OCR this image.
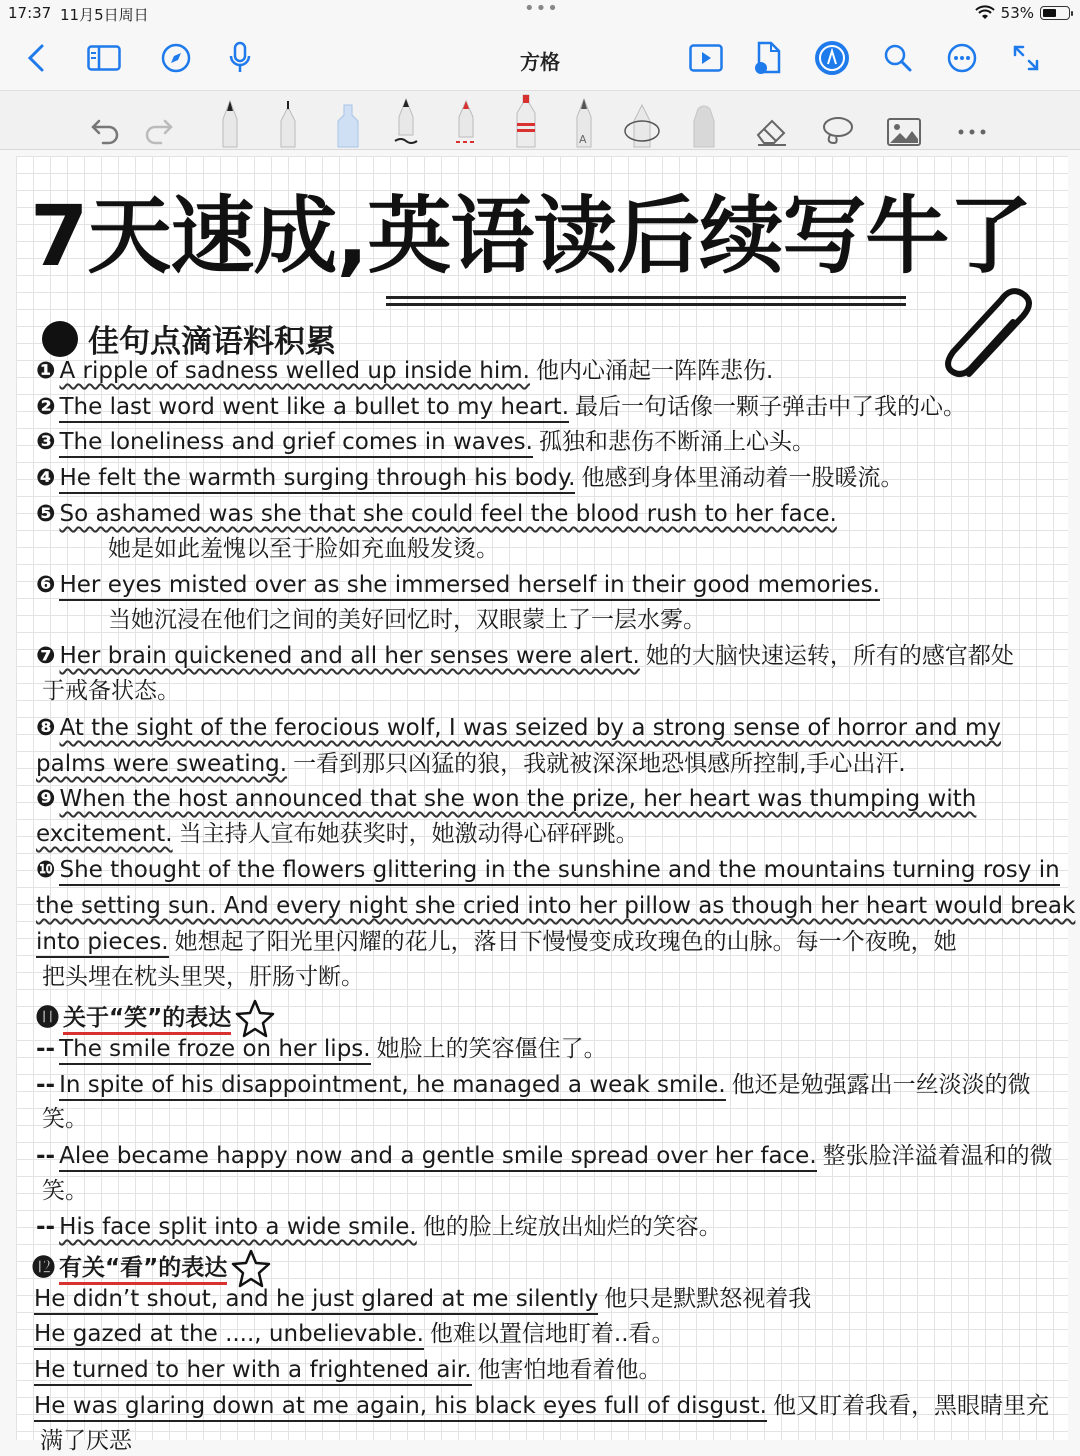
17:37 11月5日周日	•••	53%
方格
A
7天速成,英语读后续写牛了
佳句点滴语料积累
❶ A ripple of sadness welled up inside him. 他内心涌起一阵阵悲伤.
❷ The last word went like a bullet to my heart. 最后一句话像一颗子弹击中了我的心。
❸ The loneliness and grief comes in waves. 孤独和悲伤不断涌上心头。
❹ He felt the warmth surging through his body. 他感到身体里涌动着一股暖流。
❺ So ashamed was she that she could feel the blood rush to her face.
她是如此羞愧以至于脸如充血般发烫。
❻ Her eyes misted over as she immersed herself in their good memories.
当她沉浸在他们之间的美好回忆时，双眼蒙上了一层水雾。
❼ Her brain quickened and all her senses were alert. 她的大脑快速运转，所有的感官都处
于戒备状态。
❽ At the sight of the ferocious wolf, I was seized by a strong sense of horror and my
palms were sweating. 一看到那只凶猛的狼，我就被深深地恐惧感所控制,手心出汗.
❾ When the host announced that she won the prize, her heart was thumping with
excitement. 当主持人宣布她获奖时，她激动得心砰砰跳。
❿ She thought of the flowers glittering in the sunshine and the mountains turning rosy in
the setting sun. And every night she cried into her pillow as though her heart would break
into pieces. 她想起了阳光里闪耀的花儿，落日下慢慢变成玫瑰色的山脉。每一个夜晚，她
把头埋在枕头里哭，肝肠寸断。
⓫ 关于“笑”的表达
-- The smile froze on her lips. 她脸上的笑容僵住了。
-- In spite of his disappointment, he managed a weak smile. 他还是勉强露出一丝淡淡的微
笑。
-- Alee became happy now and a gentle smile spread over her face. 整张脸洋溢着温和的微
笑。
-- His face split into a wide smile. 他的脸上绽放出灿烂的笑容。
⓬ 有关“看”的表达
He didn’t shout, and he just glared at me silently 他只是默默怒视着我
He gazed at the ...., unbelievable. 他难以置信地盯着..看。
He turned to her with a frightened air. 他害怕地看着他。
He was glaring down at me again, his black eyes full of disgust. 他又盯着我看，黑眼睛里充
满了厌恶
